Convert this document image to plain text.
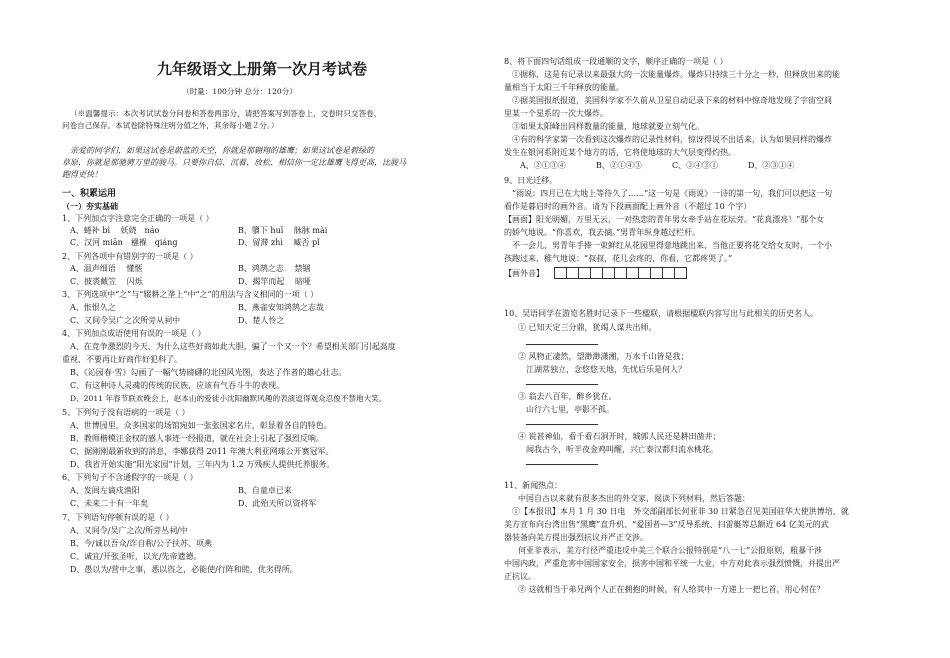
九年级语文上册第一次月考试卷
（时量：100分钟 总分：120分）
（※温馨提示：本次考试试卷分问卷和答卷两部分，请把答案写到答卷上，交卷时只交答卷，
问卷自己保存。本试卷除特殊注明分值之外，其余每小题２分。）
亲爱的同学们，如果这试卷是蔚蓝的天空，你就是那翱翔的雄鹰；如果这试卷是碧绿的
草原，你就是那驰骋万里的骏马。只要你自信、沉着、放松、相信你一定比雄鹰飞得更高，比骏马
跑得更快！
一、积累运用
（一）夯实基础
1、下列加点字注意完全正确的一项是（ ）
A、蜷补 bì　 妖娆　náo	B、隳下 huī　 脉脉 mài
C、汉河 miān　襁褓　qiáng	D、留滞 zhì　 臧否 pǐ
2、下列各项中有错别字的一项是（ ）
A、温声细语　 懂惬	B、鸿鹄之志　 禁锢
C、披裘戴笠　 闪烁	D、揭竿而起　 暗哑
3、下列选项中“之”与“辍耕之垄上”中“之”的用法与含义相同的一项（ ）
A、怅恨久之	B、燕雀安知鸿鹄之志哉
C、又间令吴广之次所旁从祠中	D、楚人怜之
4、下列加点成语使用有误的一项是（ ）
A、在竞争激烈的今天，为什么这些好商如此大胆，骗了一个又一个？希望相关部门引起高度
重视，不要再让好商作好犯科了。
B、《沁园春·雪》勾画了一幅气势磅礴的北国风光图，表达了作者的雄心壮志。
C、有这种诗人灵魂的传统的民族，应该有气吞斗牛的表现。
D、2011 年春节联欢晚会上，赵本山的爱徒小沈阳幽默风趣的表演逗得观众忍俊不禁地大笑。
5、下列句子没有语病的一项是（ ）
A、世博园里，众多国家的场馆宛如一张张国家名片，彰显着各自的特色。
B、教师楷模汪金权的感人事迹一经报道，就在社会上引起了强烈反响。
C、据刚刚最新收到的消息，李娜获得 2011 年澳大利亚网球公开赛冠军。
D、我省开始实施“阳光家园”计划，三年内为 1.2 万残疾人提供托养服务。
6、下列句子不含通假字的一项是（ ）
A、发闾左谪戍渔阳	B、自童卓已来
C、未来二十有一年矣	D、此殆天所以资将军
7、下列语句停顿有误的是（ ）
A、又间令/吴广之次/所旁丛祠/中
B、今/诚以吾众/诈自称/公子扶苏、项燕
C、诚宜/开张圣听，以光/先帝遗德。
D、愚以为/营中之事，悉以咨之，必能使/行阵和睦，优劣得所。
8、将下面四句话组成一段通顺的文字，顺序正确的一项是（ ）
①据称，这是有记录以来最强大的一次能量爆炸。爆炸只持续三十分之一秒，但释放出来的能
量相当于太阳三千年释放的能量。
②据美国报纸报道，美国科学家不久前从卫星自动记录下来的材料中惊奇地发现了宇宙空间
里某一个星系的一次大爆炸。
③如果太阳峰出同样数量的能量，地球就要立刻气化。
④有的科学家第一次看到这次爆炸的记录性材料，惊讶得说不出话来，认为如果同样的爆炸
发生在银河系附近某个地方的话，它将使地球的大气层变得灼热。
A、②①③④	B、②①④③	C、②④③①	D、②③①④
9、日光迁移。
“雨说：四月已在大地上等待久了……”这一句是《雨说》一诗的第一句，我们可以把这一句
看作是暮启时的画外音。请为下段画面配上画外音（不超过 10 个字）
【画面】阳光明媚，万里无云，一对热恋的青年男女牵手站在花坛旁。“花真漂亮！”那个女
的娇气地说。“你喜欢，我去摘。”男青年纵身越过栏杆。
不一会儿，男青年手捧一束鲜红从花园里得意地跳出来，当他正要将花交给女友时，一个小
孩跑过来，稚气地说：“叔叔，花儿会疼的，你看，它都疼哭了。”
【画外音】
10、吴语同学在游览名胜时记录下一些楹联，请根据楹联内容写出与此相关的历史名人。
① 已知天定三分鼎，犹竭人谋共出师。
② 风物正凄然，望渺渺潇湘，万水千山皆是我；
江湖常独立，念悠悠天地，先忧后乐是何人？
③ 翁去八百年，醉乡犹在。
山行六七里，亭影不孤。
④ 说甚神仙，看千看石洞开时，城郭人民还是耕田凿井；
闻我古今，听半夜金鸡叫醒，兴亡泰汉都归流水桃花。
11、新闻热点：
中国自古以来就有很多杰出的外交家，阅读下列材料，然后答题：
①【本报讯】本月 1 月 30 日电　外交部副部长何亚非 30 日紧急召见美国驻华大使洪博培，就
美方宣布向台湾出售“黑鹰”直升机、“爱国者—3”反导系统、扫雷艇等总额近 64 亿美元的武
器装备向美方提出强烈抗议并严正交涉。
何亚非表示，美方行径严重违反中美三个联合公报特别是“八一七”公报原则，粗暴干涉
中国内政，严重危害中国国家安全，损害中国和平统一大业，中方对此表示强烈愤慨，并提出严
正抗议。
② 这就相当于弟兄两个人正在拥抱的时候，有人给其中一方递上一把匕首，用心何在？
